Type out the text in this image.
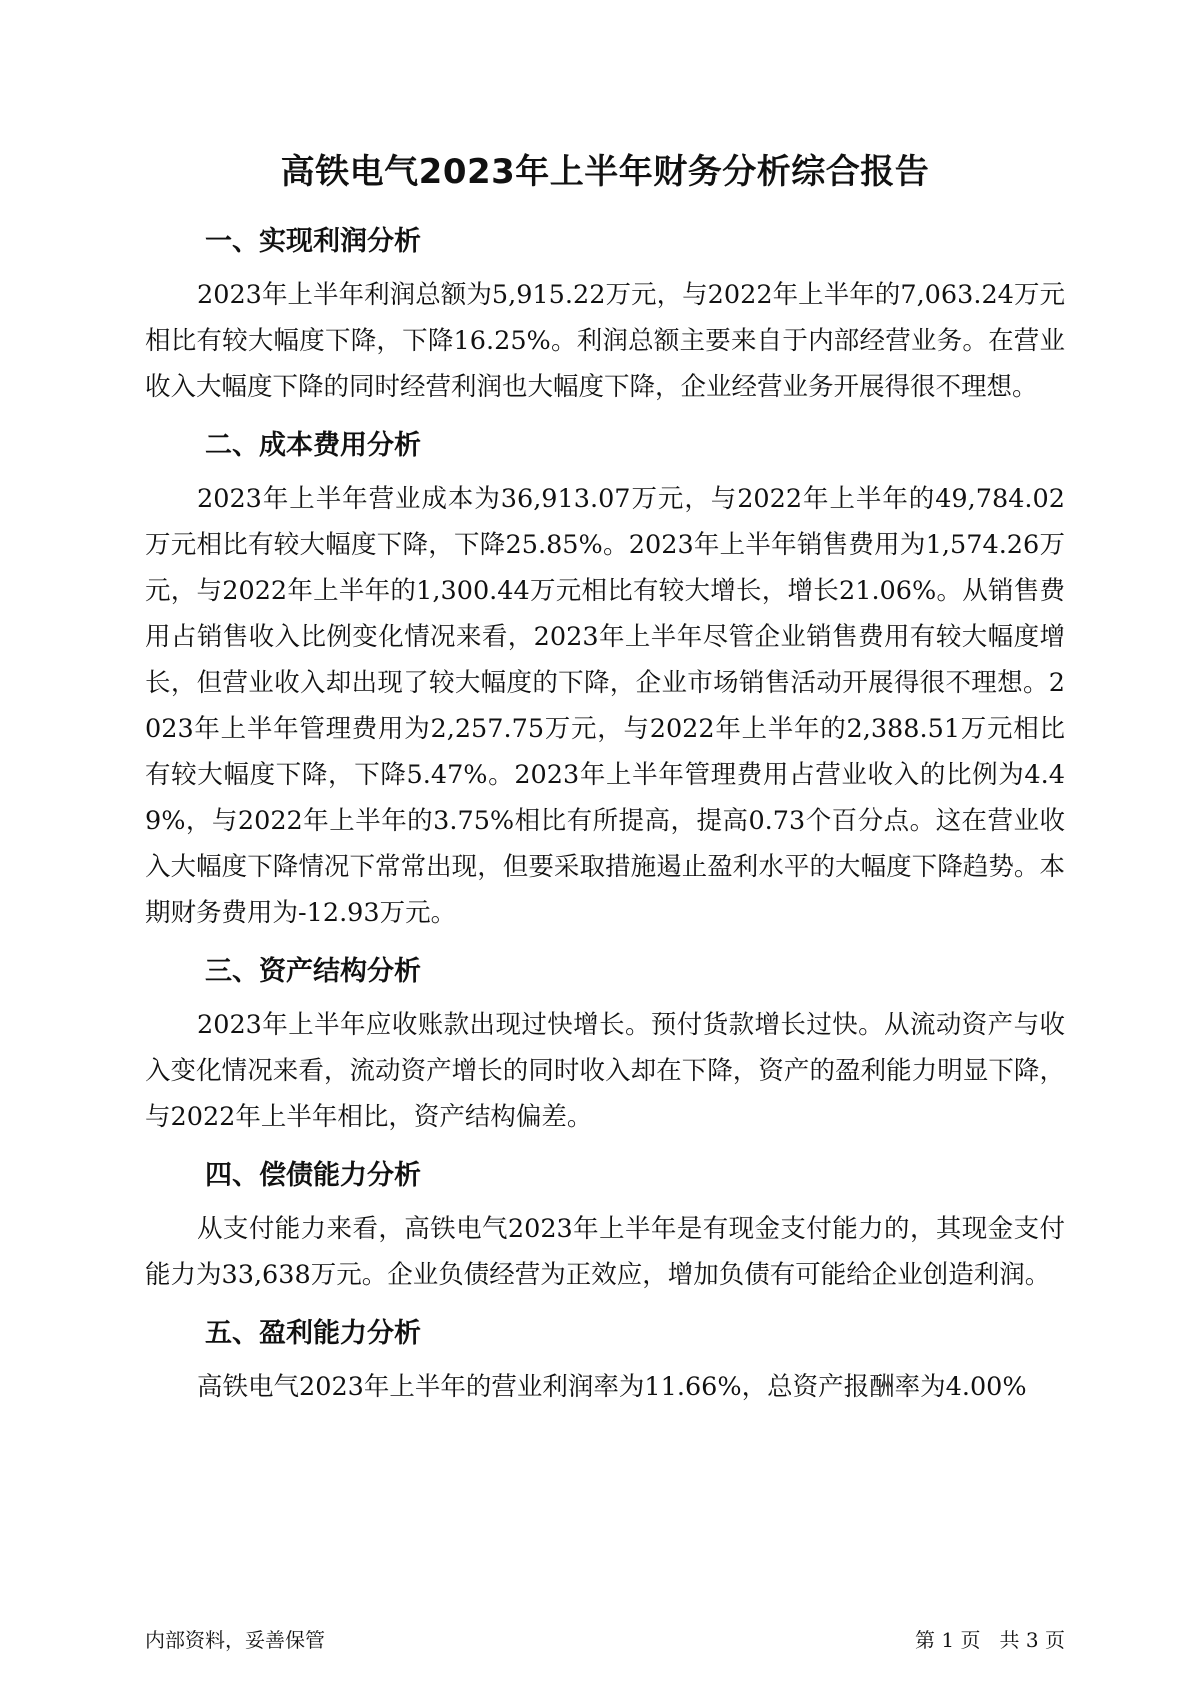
高铁电气2023年上半年财务分析综合报告
一、实现利润分析

2023年上半年利润总额为5,915.22万元，与2022年上半年的7,063.24万元相比有较大幅度下降，下降16.25%。利润总额主要来自于内部经营业务。在营业收入大幅度下降的同时经营利润也大幅度下降，企业经营业务开展得很不理想。

二、成本费用分析

2023年上半年营业成本为36,913.07万元，与2022年上半年的49,784.02万元相比有较大幅度下降，下降25.85%。2023年上半年销售费用为1,574.26万元，与2022年上半年的1,300.44万元相比有较大增长，增长21.06%。从销售费用占销售收入比例变化情况来看，2023年上半年尽管企业销售费用有较大幅度增长，但营业收入却出现了较大幅度的下降，企业市场销售活动开展得很不理想。2023年上半年管理费用为2,257.75万元，与2022年上半年的2,388.51万元相比有较大幅度下降，下降5.47%。2023年上半年管理费用占营业收入的比例为4.49%，与2022年上半年的3.75%相比有所提高，提高0.73个百分点。这在营业收入大幅度下降情况下常常出现，但要采取措施遏止盈利水平的大幅度下降趋势。本期财务费用为-12.93万元。

三、资产结构分析

2023年上半年应收账款出现过快增长。预付货款增长过快。从流动资产与收入变化情况来看，流动资产增长的同时收入却在下降，资产的盈利能力明显下降，与2022年上半年相比，资产结构偏差。

四、偿债能力分析

从支付能力来看，高铁电气2023年上半年是有现金支付能力的，其现金支付能力为33,638万元。企业负债经营为正效应，增加负债有可能给企业创造利润。

五、盈利能力分析

高铁电气2023年上半年的营业利润率为11.66%，总资产报酬率为4.00%

内部资料，妥善保管	第 1 页   共 3 页
